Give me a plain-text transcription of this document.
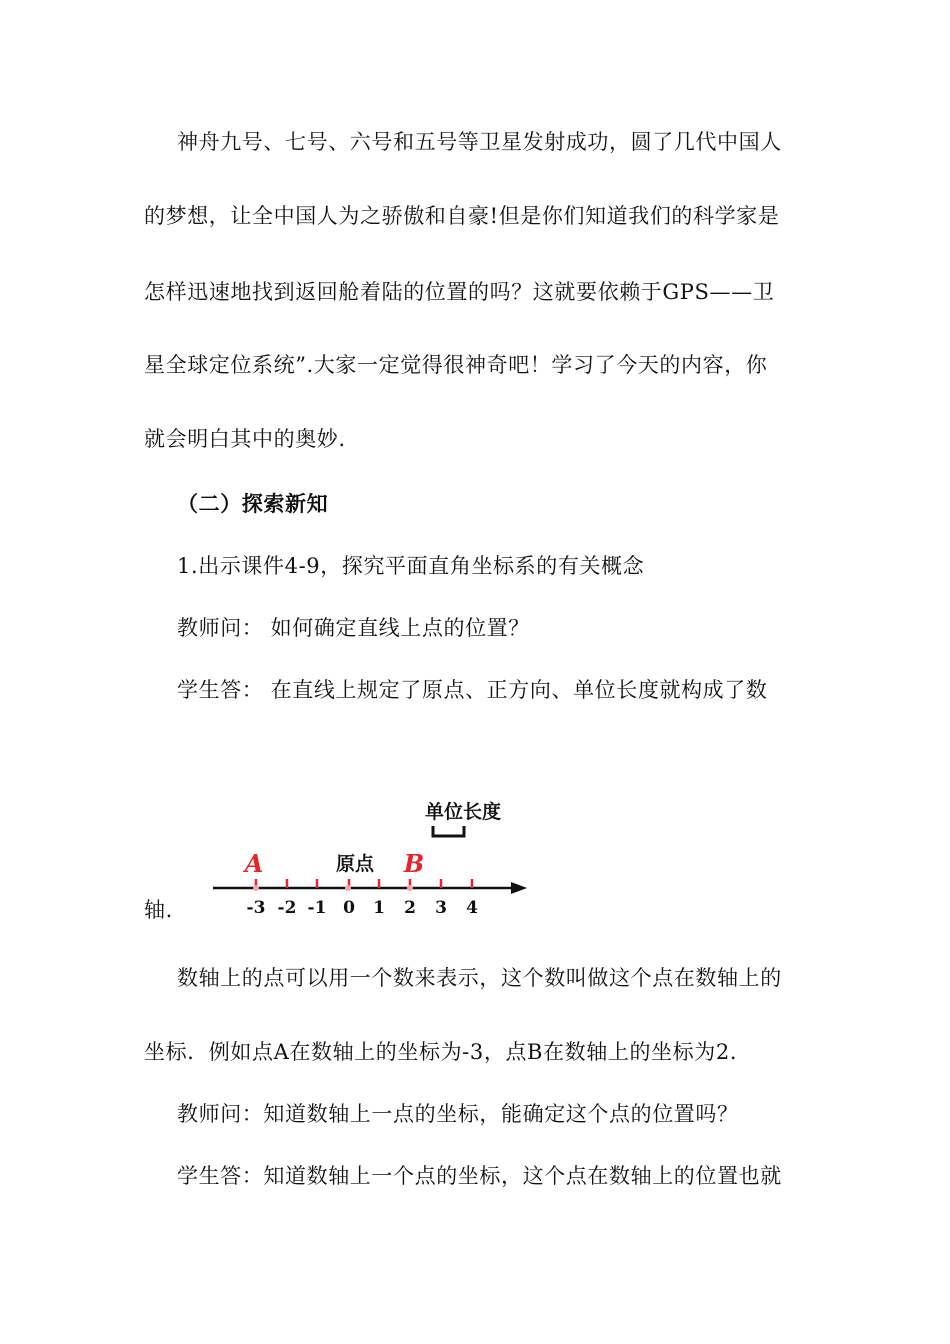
神舟九号、七号、六号和五号等卫星发射成功，圆了几代中国人
的梦想，让全中国人为之骄傲和自豪!但是你们知道我们的科学家是
怎样迅速地找到返回舱着陆的位置的吗？这就要依赖于GPS——卫
星全球定位系统”.大家一定觉得很神奇吧！学习了今天的内容，你
就会明白其中的奥妙.
（二）探索新知
1.出示课件4-9，探究平面直角坐标系的有关概念
教师问： 如何确定直线上点的位置？
学生答： 在直线上规定了原点、正方向、单位长度就构成了数
轴.
单位长度
原点
A	B
-3 -2 -1 0 1 2 3 4
数轴上的点可以用一个数来表示，这个数叫做这个点在数轴上的
坐标．例如点A在数轴上的坐标为-3，点B在数轴上的坐标为2.
教师问：知道数轴上一点的坐标，能确定这个点的位置吗？
学生答：知道数轴上一个点的坐标，这个点在数轴上的位置也就
